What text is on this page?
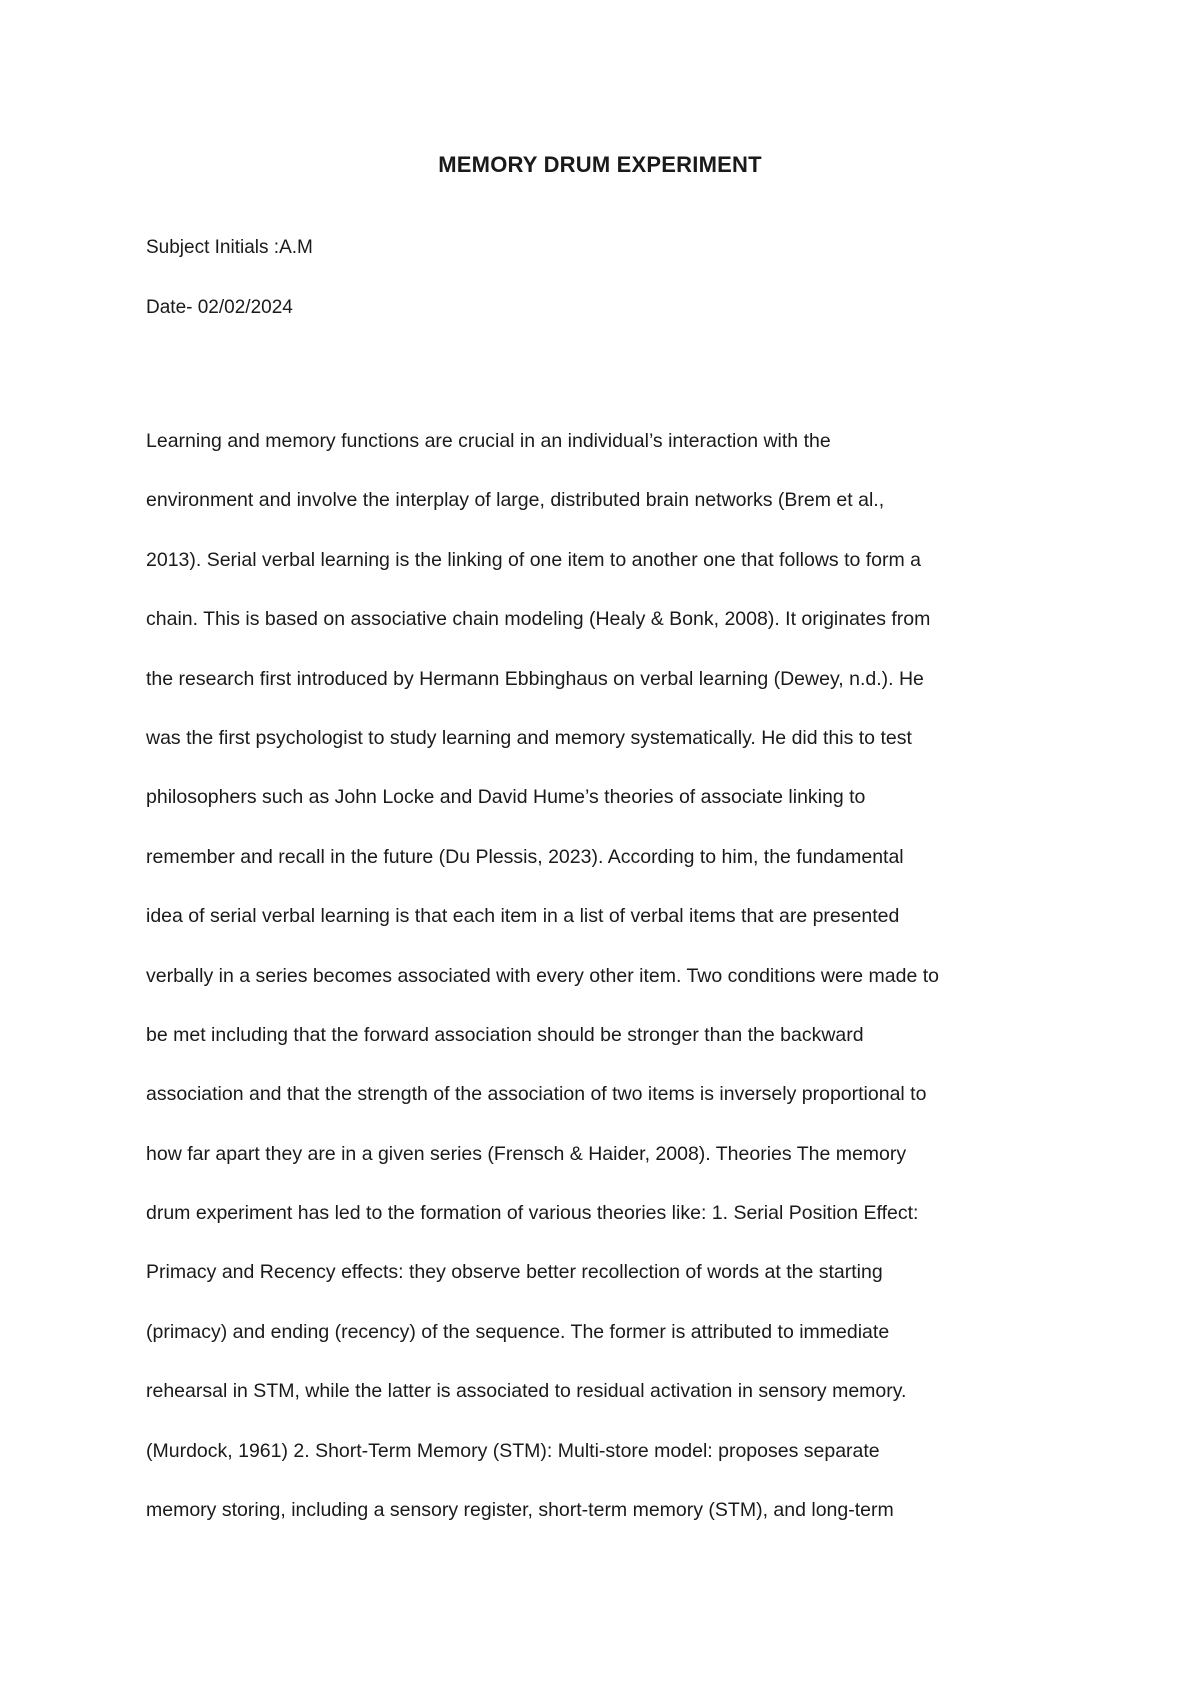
MEMORY DRUM EXPERIMENT
Subject Initials :A.M
Date- 02/02/2024
Learning and memory functions are crucial in an individual’s interaction with the
environment and involve the interplay of large, distributed brain networks (Brem et al.,
2013). Serial verbal learning is the linking of one item to another one that follows to form a
chain. This is based on associative chain modeling (Healy & Bonk, 2008). It originates from
the research first introduced by Hermann Ebbinghaus on verbal learning (Dewey, n.d.). He
was the first psychologist to study learning and memory systematically. He did this to test
philosophers such as John Locke and David Hume’s theories of associate linking to
remember and recall in the future (Du Plessis, 2023). According to him, the fundamental
idea of serial verbal learning is that each item in a list of verbal items that are presented
verbally in a series becomes associated with every other item. Two conditions were made to
be met including that the forward association should be stronger than the backward
association and that the strength of the association of two items is inversely proportional to
how far apart they are in a given series (Frensch & Haider, 2008). Theories The memory
drum experiment has led to the formation of various theories like: 1. Serial Position Effect:
Primacy and Recency effects: they observe better recollection of words at the starting
(primacy) and ending (recency) of the sequence. The former is attributed to immediate
rehearsal in STM, while the latter is associated to residual activation in sensory memory.
(Murdock, 1961) 2. Short-Term Memory (STM): Multi-store model: proposes separate
memory storing, including a sensory register, short-term memory (STM), and long-term
